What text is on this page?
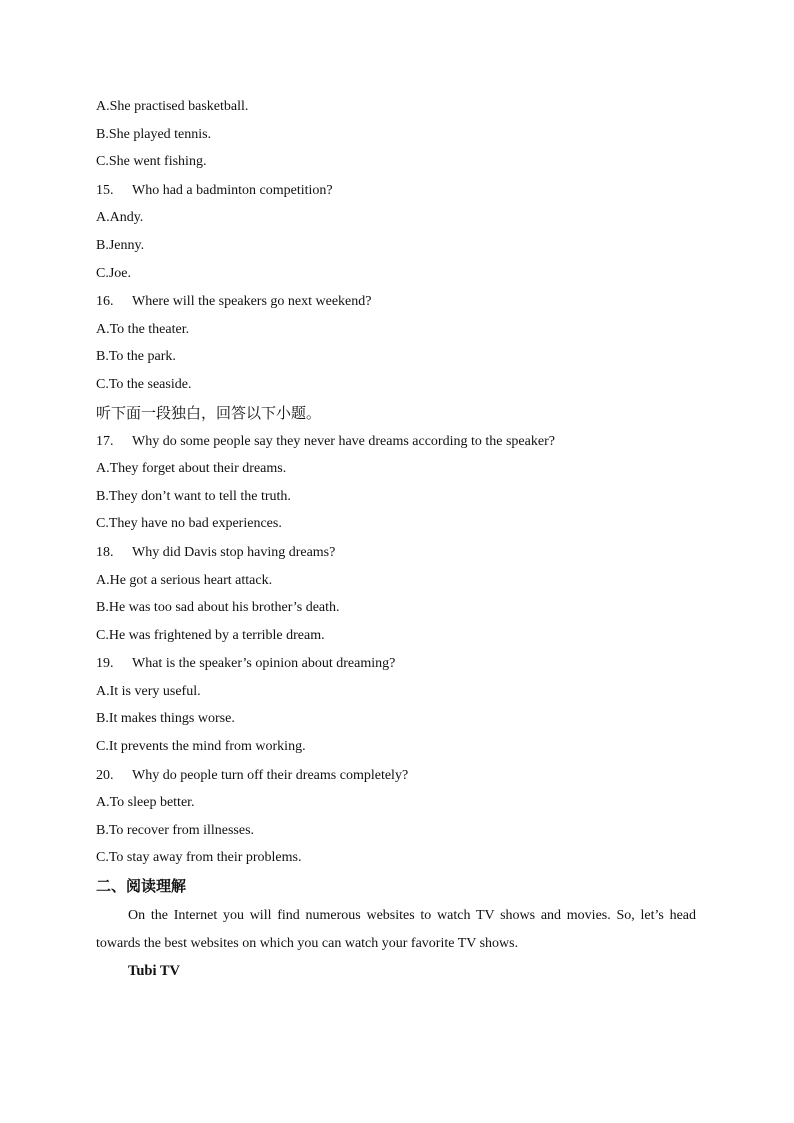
A.She practised basketball.
B.She played tennis.
C.She went fishing.
15. Who had a badminton competition?
A.Andy.
B.Jenny.
C.Joe.
16. Where will the speakers go next weekend?
A.To the theater.
B.To the park.
C.To the seaside.
听下面一段独白，回答以下小题。
17. Why do some people say they never have dreams according to the speaker?
A.They forget about their dreams.
B.They don’t want to tell the truth.
C.They have no bad experiences.
18. Why did Davis stop having dreams?
A.He got a serious heart attack.
B.He was too sad about his brother’s death.
C.He was frightened by a terrible dream.
19. What is the speaker’s opinion about dreaming?
A.It is very useful.
B.It makes things worse.
C.It prevents the mind from working.
20. Why do people turn off their dreams completely?
A.To sleep better.
B.To recover from illnesses.
C.To stay away from their problems.
二、阅读理解
On the Internet you will find numerous websites to watch TV shows and movies. So, let’s head towards the best websites on which you can watch your favorite TV shows.
Tubi TV
